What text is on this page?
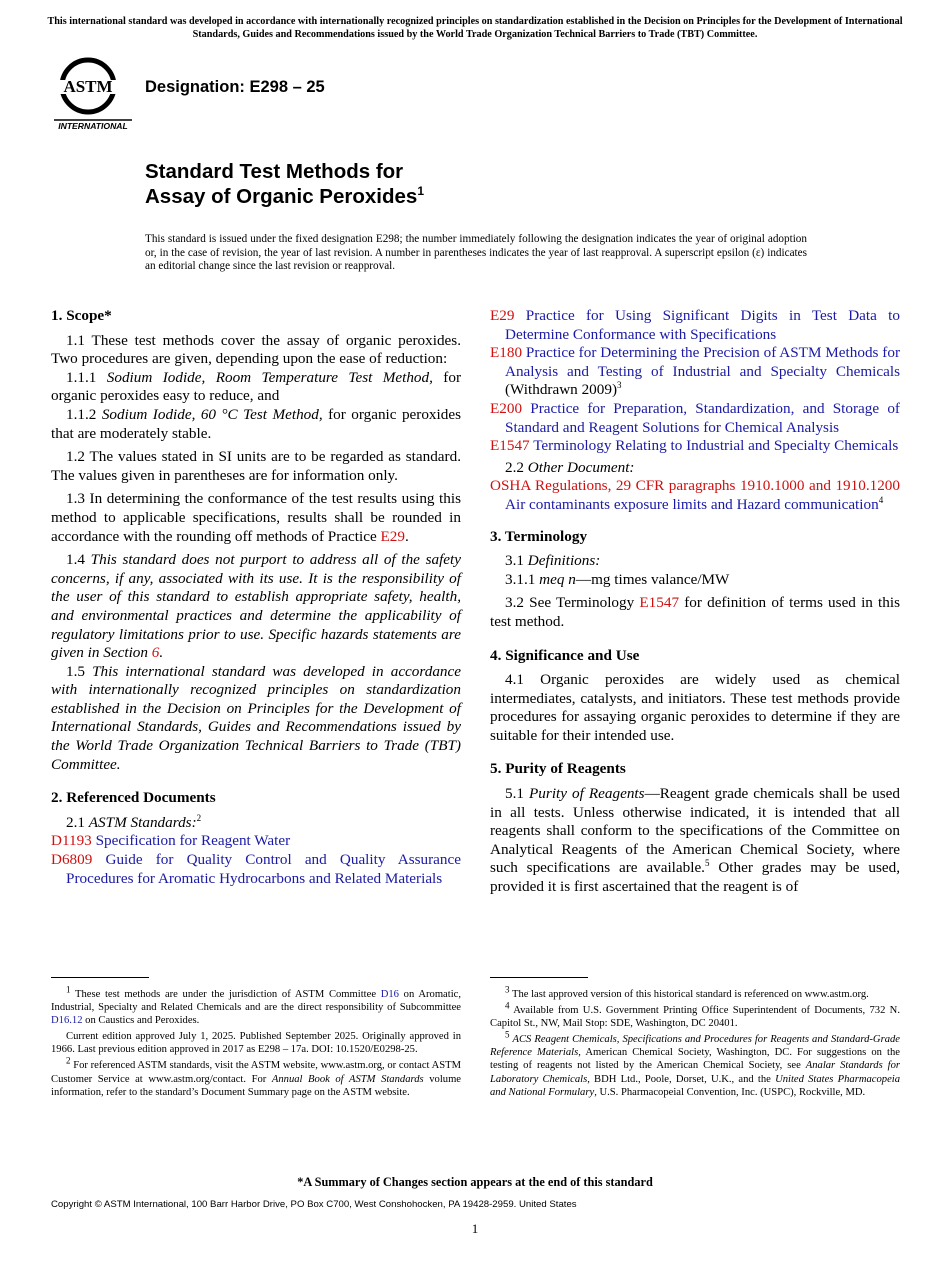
This international standard was developed in accordance with internationally recognized principles on standardization established in the Decision on Principles for the Development of International Standards, Guides and Recommendations issued by the World Trade Organization Technical Barriers to Trade (TBT) Committee.
ASTM
INTERNATIONAL
Designation: E298 – 25
Standard Test Methods for
Assay of Organic Peroxides$^1$
This standard is issued under the fixed designation E298; the number immediately following the designation indicates the year of original adoption or, in the case of revision, the year of last revision. A number in parentheses indicates the year of last reapproval. A superscript epsilon (ε) indicates an editorial change since the last revision or reapproval.
1. Scope*
1.1 These test methods cover the assay of organic peroxides. Two procedures are given, depending upon the ease of reduction:
1.1.1 Sodium Iodide, Room Temperature Test Method, for organic peroxides easy to reduce, and
1.1.2 Sodium Iodide, 60 °C Test Method, for organic peroxides that are moderately stable.
1.2 The values stated in SI units are to be regarded as standard. The values given in parentheses are for information only.
1.3 In determining the conformance of the test results using this method to applicable specifications, results shall be rounded in accordance with the rounding off methods of Practice E29.
1.4 This standard does not purport to address all of the safety concerns, if any, associated with its use. It is the responsibility of the user of this standard to establish appropriate safety, health, and environmental practices and determine the applicability of regulatory limitations prior to use. Specific hazards statements are given in Section 6.
1.5 This international standard was developed in accordance with internationally recognized principles on standardization established in the Decision on Principles for the Development of International Standards, Guides and Recommendations issued by the World Trade Organization Technical Barriers to Trade (TBT) Committee.
2. Referenced Documents
2.1 ASTM Standards:$^2$
D1193 Specification for Reagent Water
D6809 Guide for Quality Control and Quality Assurance Procedures for Aromatic Hydrocarbons and Related Materials
E29 Practice for Using Significant Digits in Test Data to Determine Conformance with Specifications
E180 Practice for Determining the Precision of ASTM Methods for Analysis and Testing of Industrial and Specialty Chemicals (Withdrawn 2009)$^3$
E200 Practice for Preparation, Standardization, and Storage of Standard and Reagent Solutions for Chemical Analysis
E1547 Terminology Relating to Industrial and Specialty Chemicals
2.2 Other Document:
OSHA Regulations, 29 CFR paragraphs 1910.1000 and 1910.1200 Air contaminants exposure limits and Hazard communication$^4$
3. Terminology
3.1 Definitions:
3.1.1 meq n—mg times valance/MW
3.2 See Terminology E1547 for definition of terms used in this test method.
4. Significance and Use
4.1 Organic peroxides are widely used as chemical intermediates, catalysts, and initiators. These test methods provide procedures for assaying organic peroxides to determine if they are suitable for their intended use.
5. Purity of Reagents
5.1 Purity of Reagents—Reagent grade chemicals shall be used in all tests. Unless otherwise indicated, it is intended that all reagents shall conform to the specifications of the Committee on Analytical Reagents of the American Chemical Society, where such specifications are available.$^5$ Other grades may be used, provided it is first ascertained that the reagent is of
$^1$ These test methods are under the jurisdiction of ASTM Committee D16 on Aromatic, Industrial, Specialty and Related Chemicals and are the direct responsibility of Subcommittee D16.12 on Caustics and Peroxides.
Current edition approved July 1, 2025. Published September 2025. Originally approved in 1966. Last previous edition approved in 2017 as E298 – 17a. DOI: 10.1520/E0298-25.
$^2$ For referenced ASTM standards, visit the ASTM website, www.astm.org, or contact ASTM Customer Service at www.astm.org/contact. For Annual Book of ASTM Standards volume information, refer to the standard’s Document Summary page on the ASTM website.
$^3$ The last approved version of this historical standard is referenced on www.astm.org.
$^4$ Available from U.S. Government Printing Office Superintendent of Documents, 732 N. Capitol St., NW, Mail Stop: SDE, Washington, DC 20401.
$^5$ ACS Reagent Chemicals, Specifications and Procedures for Reagents and Standard-Grade Reference Materials, American Chemical Society, Washington, DC. For suggestions on the testing of reagents not listed by the American Chemical Society, see Analar Standards for Laboratory Chemicals, BDH Ltd., Poole, Dorset, U.K., and the United States Pharmacopeia and National Formulary, U.S. Pharmacopeial Convention, Inc. (USPC), Rockville, MD.
*A Summary of Changes section appears at the end of this standard
Copyright © ASTM International, 100 Barr Harbor Drive, PO Box C700, West Conshohocken, PA 19428-2959. United States
1
